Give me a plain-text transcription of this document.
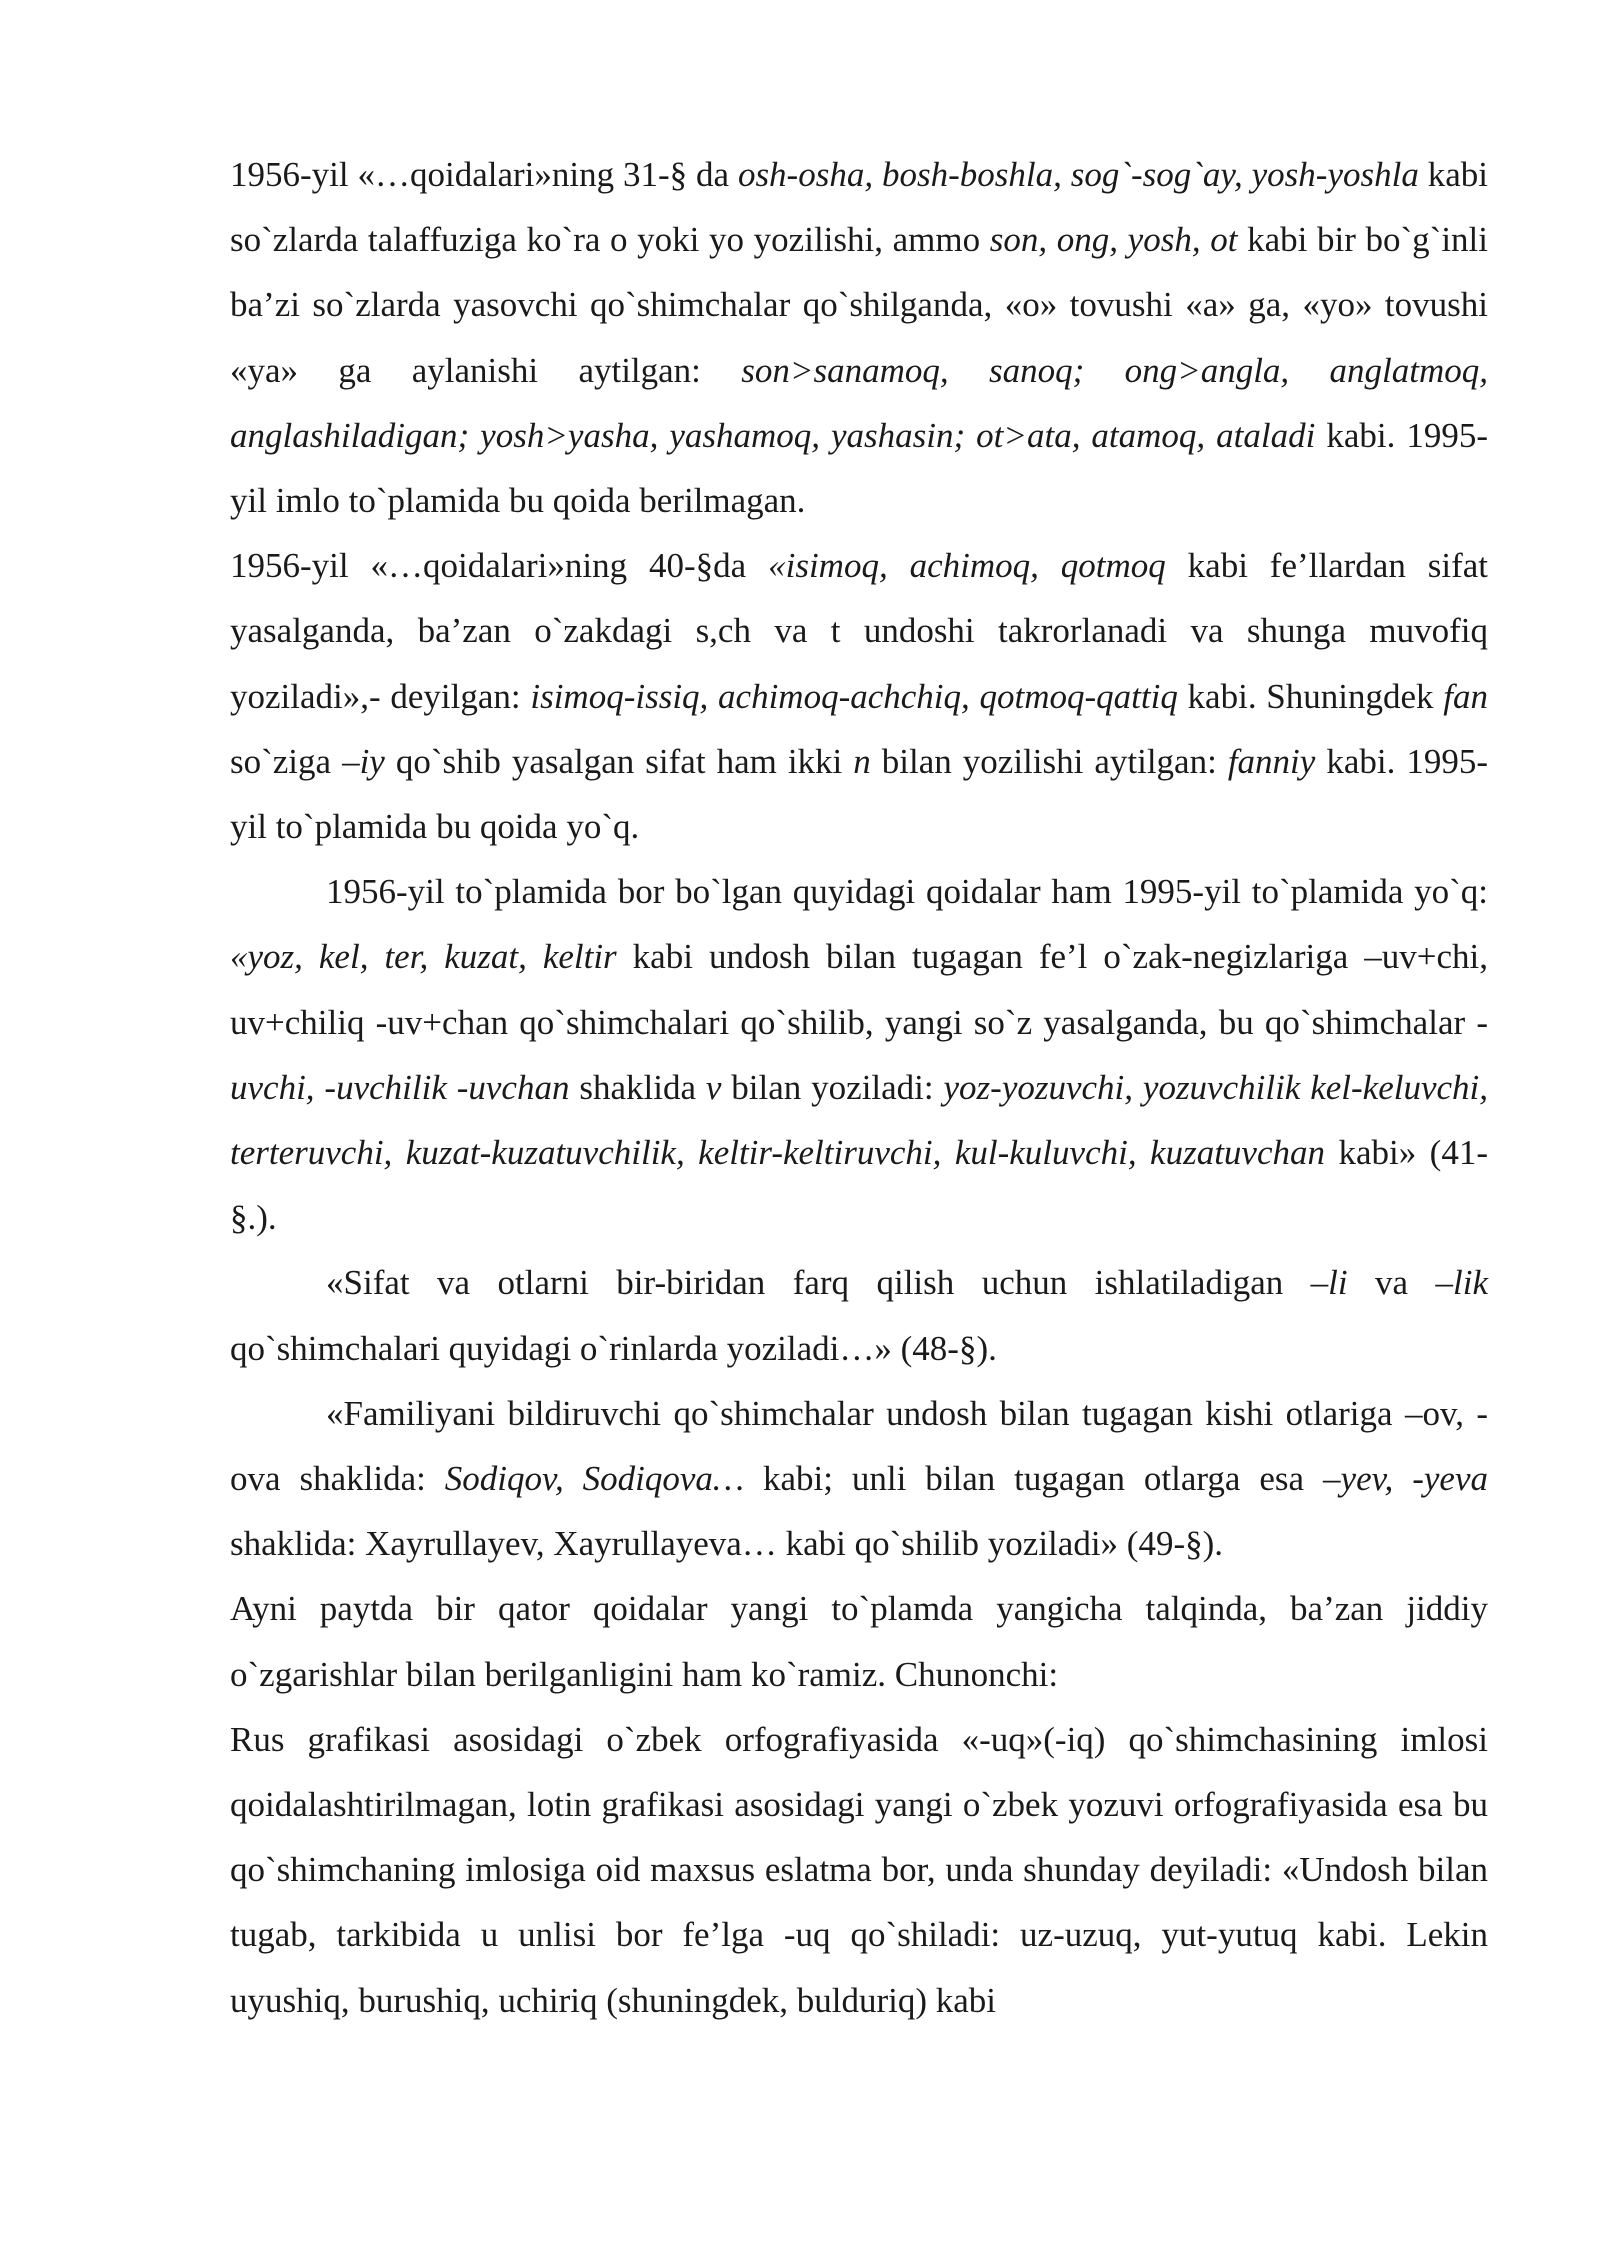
1956-yil «…qoidalari»ning 31-§ da osh-osha, bosh-boshla, sog`-sog`ay, yosh-yoshla kabi so`zlarda talaffuziga ko`ra o yoki yo yozilishi, ammo son, ong, yosh, ot kabi bir bo`g`inli ba’zi so`zlarda yasovchi qo`shimchalar qo`shilganda, «o» tovushi «a» ga, «yo» tovushi «ya» ga aylanishi aytilgan: son>sanamoq, sanoq; ong>angla, anglatmoq, anglashiladigan; yosh>yasha, yashamoq, yashasin; ot>ata, atamoq, ataladi kabi. 1995-yil imlo to`plamida bu qoida berilmagan.

1956-yil «…qoidalari»ning 40-§da «isimoq, achimoq, qotmoq kabi fe’llardan sifat yasalganda, ba’zan o`zakdagi s,ch va t undoshi takrorlanadi va shunga muvofiq yoziladi»,- deyilgan: isimoq-issiq, achimoq-achchiq, qotmoq-qattiq kabi. Shuningdek fan so`ziga –iy qo`shib yasalgan sifat ham ikki n bilan yozilishi aytilgan: fanniy kabi. 1995-yil to`plamida bu qoida yo`q.

1956-yil to`plamida bor bo`lgan quyidagi qoidalar ham 1995-yil to`plamida yo`q: «yoz, kel, ter, kuzat, keltir kabi undosh bilan tugagan fe’l o`zak-negizlariga –uv+chi, uv+chiliq -uv+chan qo`shimchalari qo`shilib, yangi so`z yasalganda, bu qo`shimchalar -uvchi, -uvchilik -uvchan shaklida v bilan yoziladi: yoz-yozuvchi, yozuvchilik kel-keluvchi, terteruvchi, kuzat-kuzatuvchilik, keltir-keltiruvchi, kul-kuluvchi, kuzatuvchan kabi» (41-§.).

«Sifat va otlarni bir-biridan farq qilish uchun ishlatiladigan –li va –lik qo`shimchalari quyidagi o`rinlarda yoziladi…» (48-§).

«Familiyani bildiruvchi qo`shimchalar undosh bilan tugagan kishi otlariga –ov, -ova shaklida: Sodiqov, Sodiqova… kabi; unli bilan tugagan otlarga esa –yev, -yeva shaklida: Xayrullayev, Xayrullayeva… kabi qo`shilib yoziladi» (49-§).

Ayni paytda bir qator qoidalar yangi to`plamda yangicha talqinda, ba’zan jiddiy o`zgarishlar bilan berilganligini ham ko`ramiz. Chunonchi:

Rus grafikasi asosidagi o`zbek orfografiyasida «-uq»(-iq) qo`shimchasining imlosi qoidalashtirilmagan, lotin grafikasi asosidagi yangi o`zbek yozuvi orfografiyasida esa bu qo`shimchaning imlosiga oid maxsus eslatma bor, unda shunday deyiladi: «Undosh bilan tugab, tarkibida u unlisi bor fe’lga -uq qo`shiladi: uz-uzuq, yut-yutuq kabi. Lekin uyushiq, burushiq, uchiriq (shuningdek, bulduriq) kabi
